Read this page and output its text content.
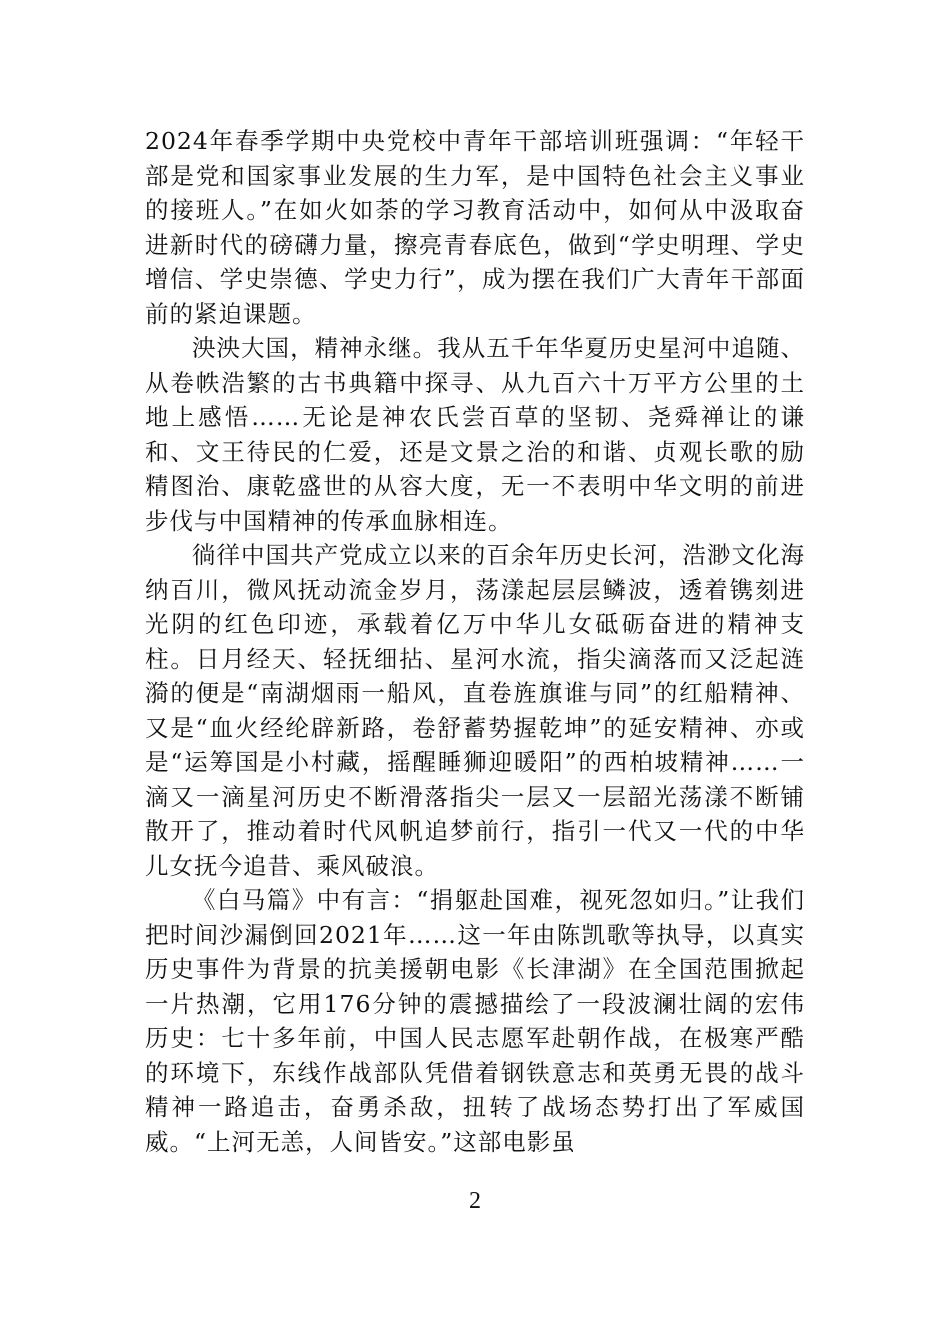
2024年春季学期中央党校中青年干部培训班强调：“年轻干部是党和国家事业发展的生力军，是中国特色社会主义事业的接班人。”在如火如荼的学习教育活动中，如何从中汲取奋进新时代的磅礴力量，擦亮青春底色，做到“学史明理、学史增信、学史崇德、学史力行”，成为摆在我们广大青年干部面前的紧迫课题。

泱泱大国，精神永继。我从五千年华夏历史星河中追随、从卷帙浩繁的古书典籍中探寻、从九百六十万平方公里的土地上感悟……无论是神农氏尝百草的坚韧、尧舜禅让的谦和、文王待民的仁爱，还是文景之治的和谐、贞观长歌的励精图治、康乾盛世的从容大度，无一不表明中华文明的前进步伐与中国精神的传承血脉相连。

徜徉中国共产党成立以来的百余年历史长河，浩渺文化海纳百川，微风抚动流金岁月，荡漾起层层鳞波，透着镌刻进光阴的红色印迹，承载着亿万中华儿女砥砺奋进的精神支柱。日月经天、轻抚细拈、星河水流，指尖滴落而又泛起涟漪的便是“南湖烟雨一船风，直卷旌旗谁与同”的红船精神、又是“血火经纶辟新路，卷舒蓄势握乾坤”的延安精神、亦或是“运筹国是小村藏，摇醒睡狮迎暖阳”的西柏坡精神……一滴又一滴星河历史不断滑落指尖一层又一层韶光荡漾不断铺散开了，推动着时代风帆追梦前行，指引一代又一代的中华儿女抚今追昔、乘风破浪。

《白马篇》中有言：“捐躯赴国难，视死忽如归。”让我们把时间沙漏倒回2021年……这一年由陈凯歌等执导，以真实历史事件为背景的抗美援朝电影《长津湖》在全国范围掀起一片热潮，它用176分钟的震撼描绘了一段波澜壮阔的宏伟历史：七十多年前，中国人民志愿军赴朝作战，在极寒严酷的环境下，东线作战部队凭借着钢铁意志和英勇无畏的战斗精神一路追击，奋勇杀敌，扭转了战场态势打出了军威国威。“上河无恙，人间皆安。”这部电影虽

2
